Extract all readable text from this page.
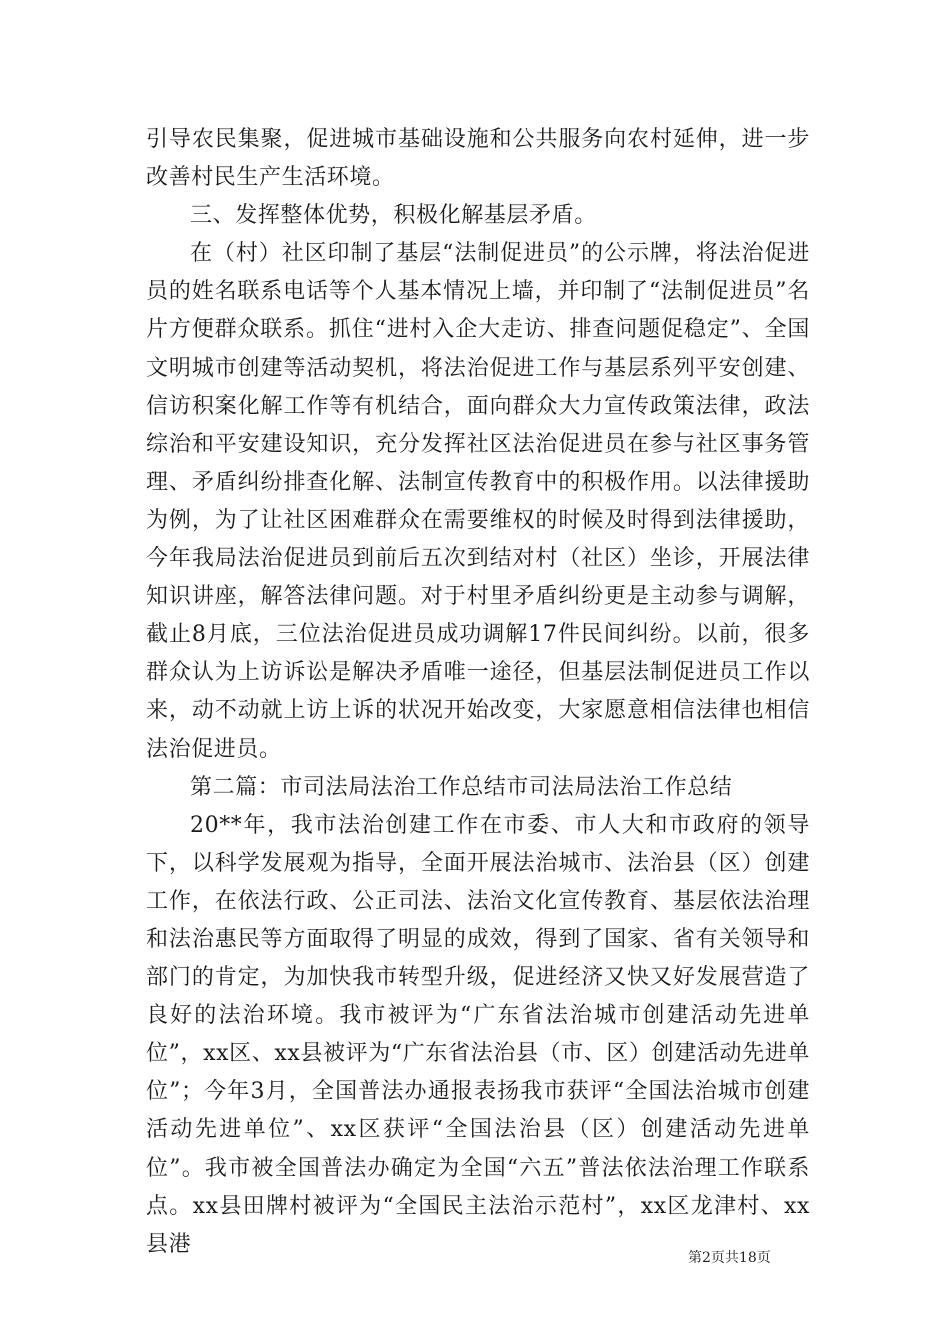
引导农民集聚，促进城市基础设施和公共服务向农村延伸，进一步改善村民生产生活环境。

三、发挥整体优势，积极化解基层矛盾。

在（村）社区印制了基层“法制促进员”的公示牌，将法治促进员的姓名联系电话等个人基本情况上墙，并印制了“法制促进员”名片方便群众联系。抓住“进村入企大走访、排查问题促稳定”、全国文明城市创建等活动契机，将法治促进工作与基层系列平安创建、信访积案化解工作等有机结合，面向群众大力宣传政策法律，政法综治和平安建设知识，充分发挥社区法治促进员在参与社区事务管理、矛盾纠纷排查化解、法制宣传教育中的积极作用。以法律援助为例，为了让社区困难群众在需要维权的时候及时得到法律援助，今年我局法治促进员到前后五次到结对村（社区）坐诊，开展法律知识讲座，解答法律问题。对于村里矛盾纠纷更是主动参与调解，截止8月底，三位法治促进员成功调解17件民间纠纷。以前，很多群众认为上访诉讼是解决矛盾唯一途径，但基层法制促进员工作以来，动不动就上访上诉的状况开始改变，大家愿意相信法律也相信法治促进员。

第二篇：市司法局法治工作总结市司法局法治工作总结

20**年，我市法治创建工作在市委、市人大和市政府的领导下，以科学发展观为指导，全面开展法治城市、法治县（区）创建工作，在依法行政、公正司法、法治文化宣传教育、基层依法治理和法治惠民等方面取得了明显的成效，得到了国家、省有关领导和部门的肯定，为加快我市转型升级，促进经济又快又好发展营造了良好的法治环境。我市被评为“广东省法治城市创建活动先进单位”，xx区、xx县被评为“广东省法治县（市、区）创建活动先进单位”；今年3月，全国普法办通报表扬我市获评“全国法治城市创建活动先进单位”、xx区获评“全国法治县（区）创建活动先进单位”。我市被全国普法办确定为全国“六五”普法依法治理工作联系点。xx县田牌村被评为“全国民主法治示范村”，xx区龙津村、xx县港

第2页共18页
